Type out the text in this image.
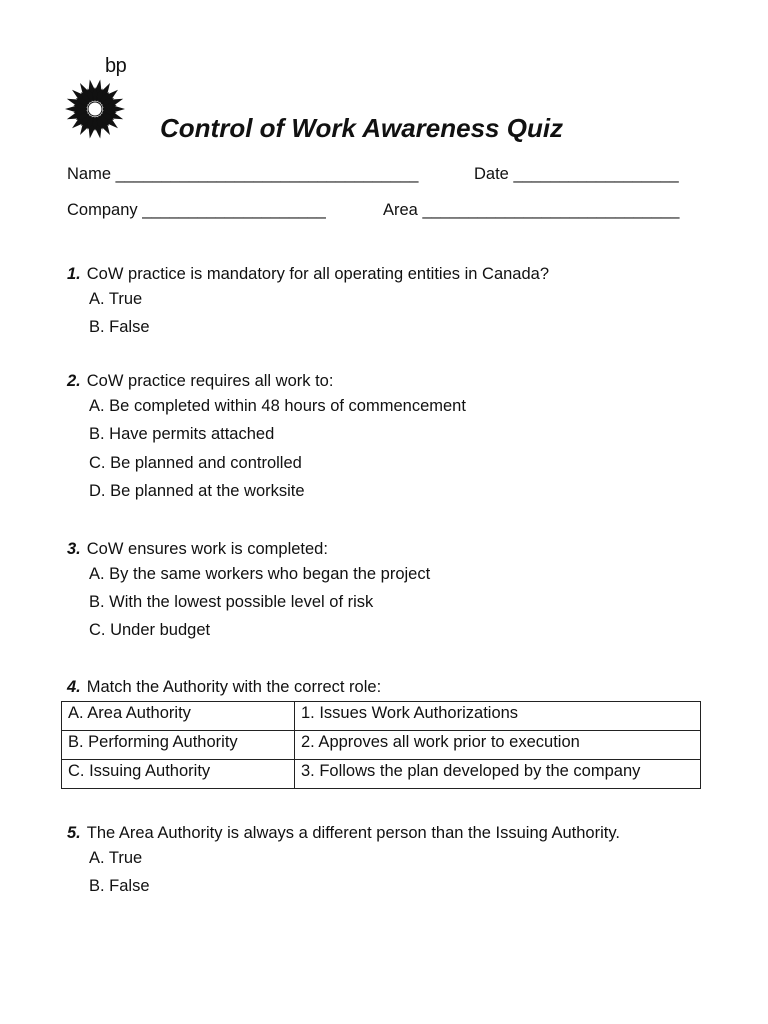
bp
Control of Work Awareness Quiz
Name _________________________________	Date __________________
Company ____________________	Area ____________________________
1. CoW practice is mandatory for all operating entities in Canada?
A. True
B. False
2. CoW practice requires all work to:
A. Be completed within 48 hours of commencement
B. Have permits attached
C. Be planned and controlled
D. Be planned at the worksite
3. CoW ensures work is completed:
A. By the same workers who began the project
B. With the lowest possible level of risk
C. Under budget
4. Match the Authority with the correct role:
A. Area Authority	1. Issues Work Authorizations
B. Performing Authority	2. Approves all work prior to execution
C. Issuing Authority	3. Follows the plan developed by the company
5. The Area Authority is always a different person than the Issuing Authority.
A. True
B. False
